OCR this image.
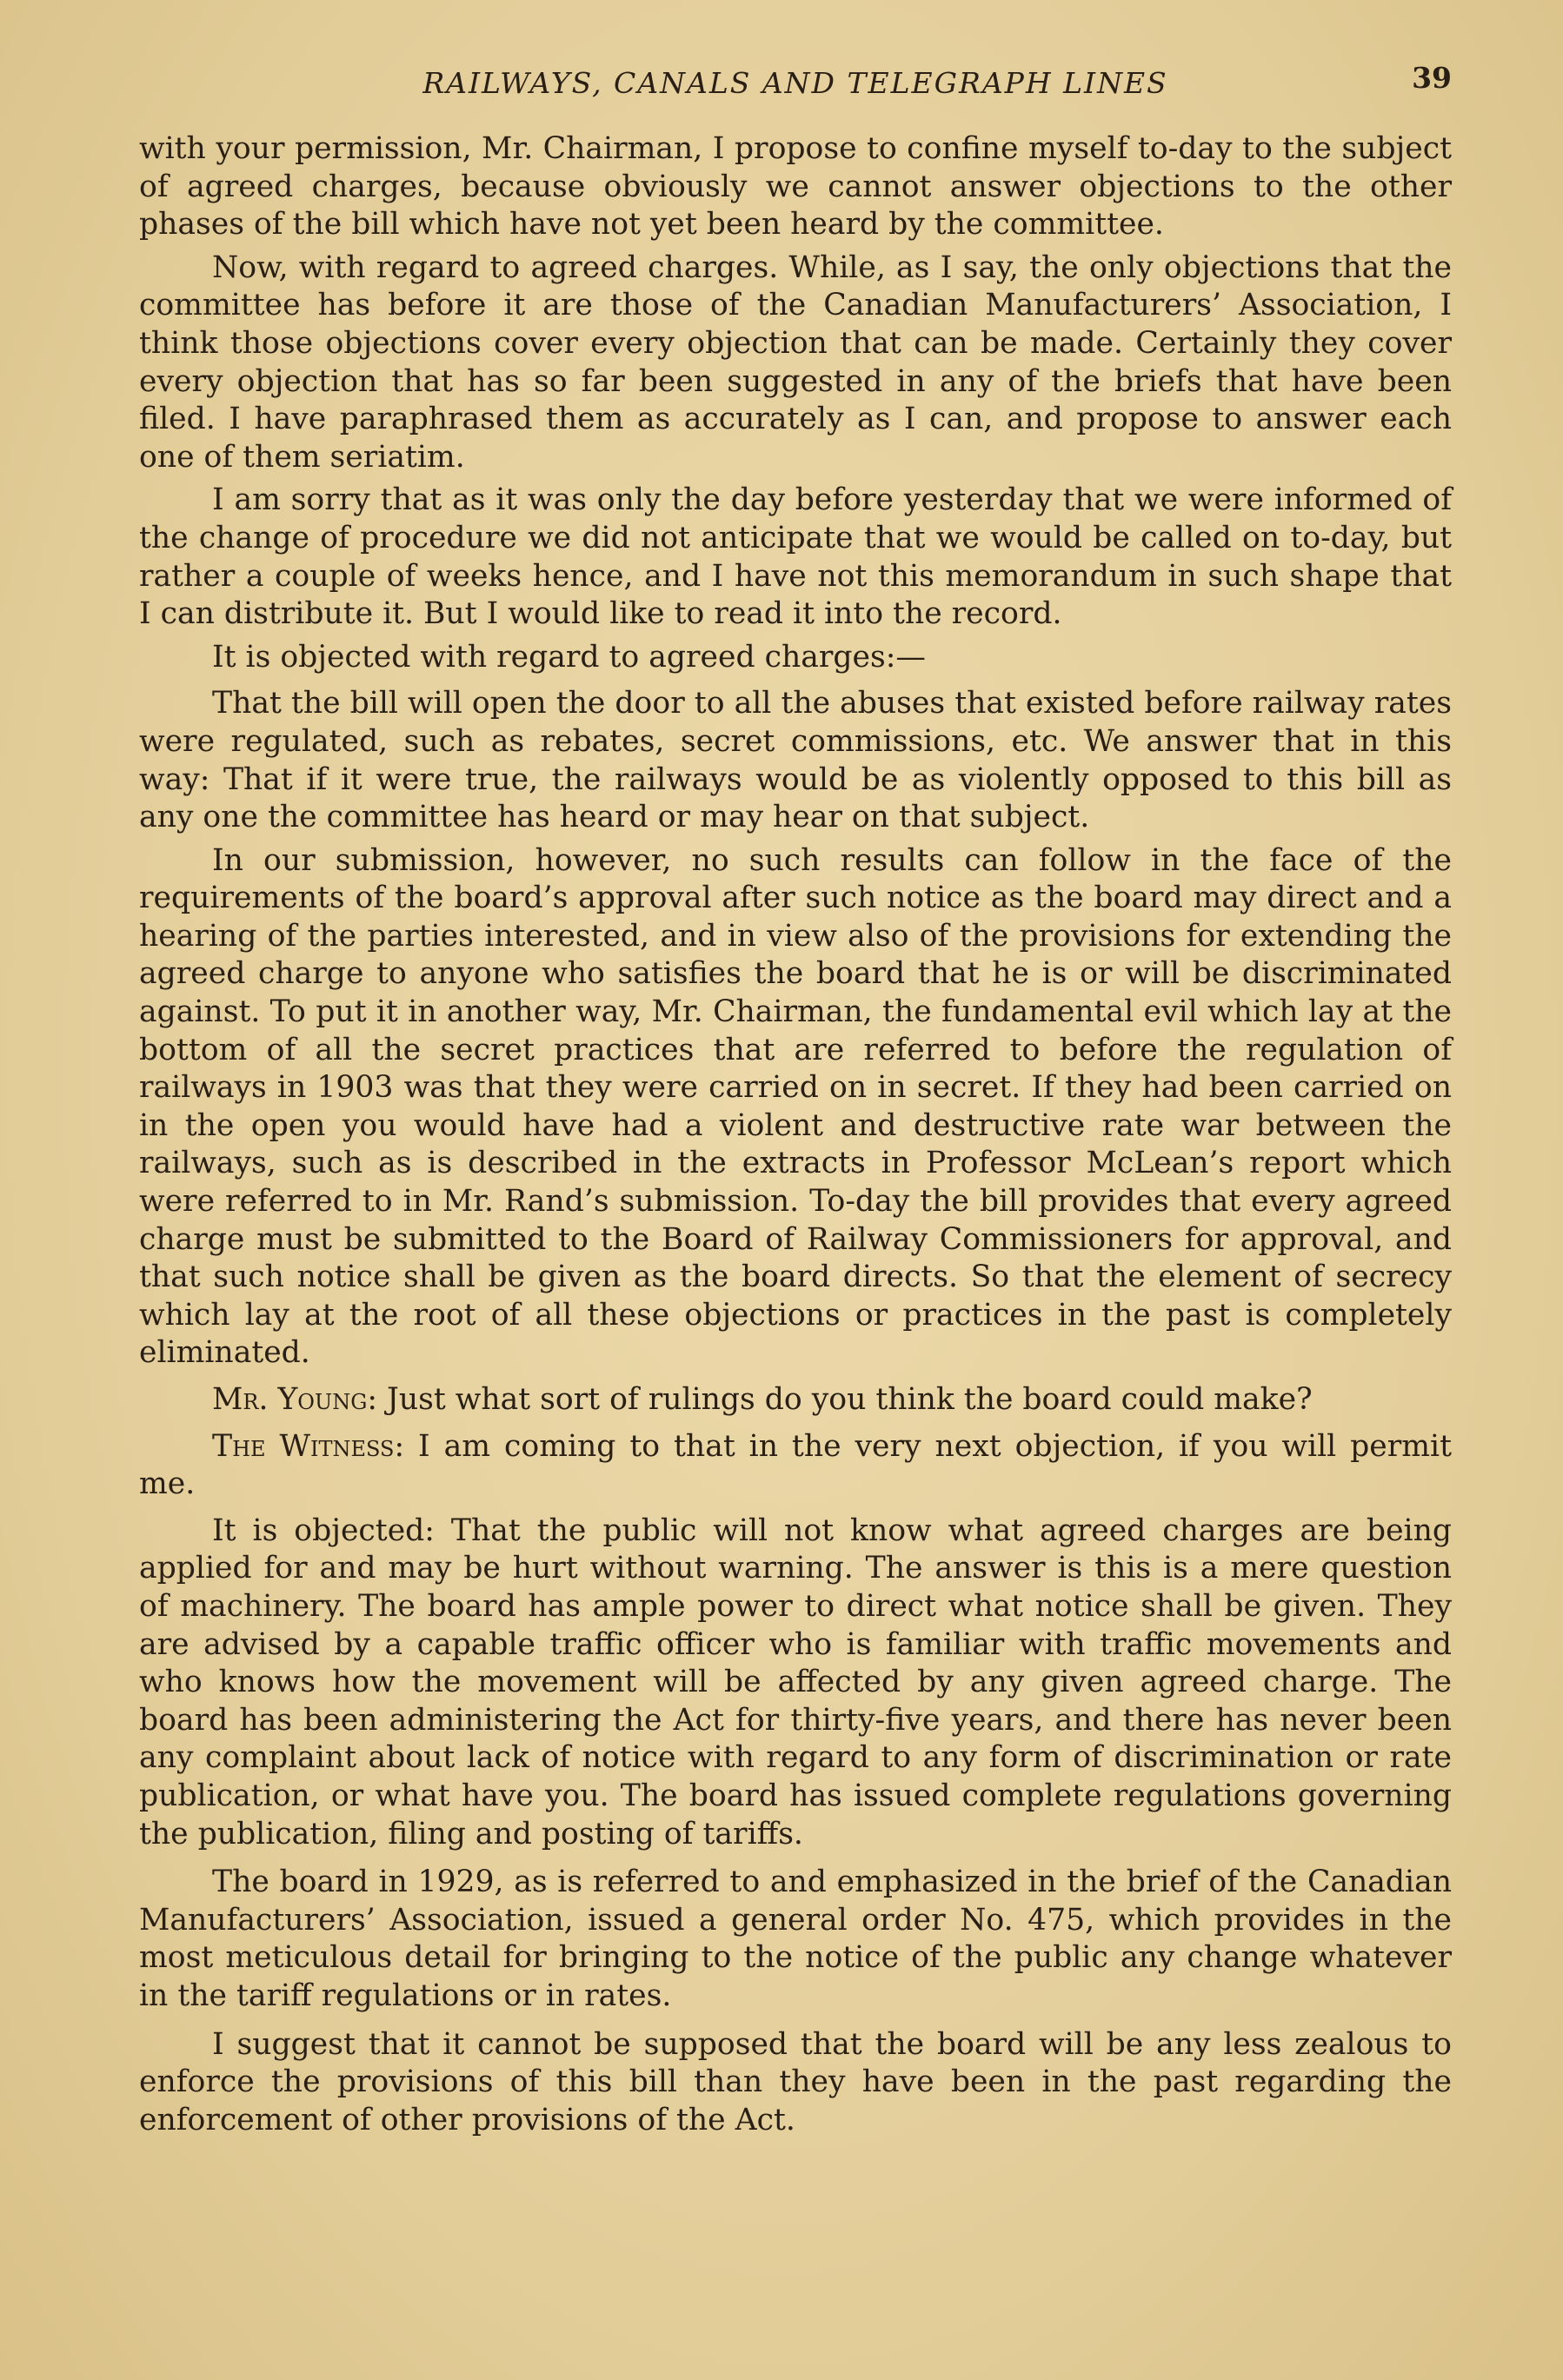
RAILWAYS, CANALS AND TELEGRAPH LINES	39

with your permission, Mr. Chairman, I propose to confine myself to-day to the subject of agreed charges, because obviously we cannot answer objections to the other phases of the bill which have not yet been heard by the committee.

Now, with regard to agreed charges. While, as I say, the only objections that the committee has before it are those of the Canadian Manufacturers’ Association, I think those objections cover every objection that can be made. Certainly they cover every objection that has so far been suggested in any of the briefs that have been filed. I have paraphrased them as accurately as I can, and propose to answer each one of them seriatim.

I am sorry that as it was only the day before yesterday that we were informed of the change of procedure we did not anticipate that we would be called on to-day, but rather a couple of weeks hence, and I have not this memorandum in such shape that I can distribute it. But I would like to read it into the record.

It is objected with regard to agreed charges:—

That the bill will open the door to all the abuses that existed before railway rates were regulated, such as rebates, secret commissions, etc. We answer that in this way: That if it were true, the railways would be as violently opposed to this bill as any one the committee has heard or may hear on that subject.

In our submission, however, no such results can follow in the face of the requirements of the board’s approval after such notice as the board may direct and a hearing of the parties interested, and in view also of the provisions for extending the agreed charge to anyone who satisfies the board that he is or will be discriminated against. To put it in another way, Mr. Chairman, the fundamental evil which lay at the bottom of all the secret practices that are referred to before the regulation of railways in 1903 was that they were carried on in secret. If they had been carried on in the open you would have had a violent and destructive rate war between the railways, such as is described in the extracts in Professor McLean’s report which were referred to in Mr. Rand’s submission. To-day the bill provides that every agreed charge must be submitted to the Board of Railway Commissioners for approval, and that such notice shall be given as the board directs. So that the element of secrecy which lay at the root of all these objections or practices in the past is completely eliminated.

Mr. Young: Just what sort of rulings do you think the board could make?

The Witness: I am coming to that in the very next objection, if you will permit me.

It is objected: That the public will not know what agreed charges are being applied for and may be hurt without warning. The answer is this is a mere question of machinery. The board has ample power to direct what notice shall be given. They are advised by a capable traffic officer who is familiar with traffic movements and who knows how the movement will be affected by any given agreed charge. The board has been administering the Act for thirty-five years, and there has never been any complaint about lack of notice with regard to any form of discrimination or rate publication, or what have you. The board has issued complete regulations governing the publication, filing and posting of tariffs.

The board in 1929, as is referred to and emphasized in the brief of the Canadian Manufacturers’ Association, issued a general order No. 475, which provides in the most meticulous detail for bringing to the notice of the public any change whatever in the tariff regulations or in rates.

I suggest that it cannot be supposed that the board will be any less zealous to enforce the provisions of this bill than they have been in the past regarding the enforcement of other provisions of the Act.
